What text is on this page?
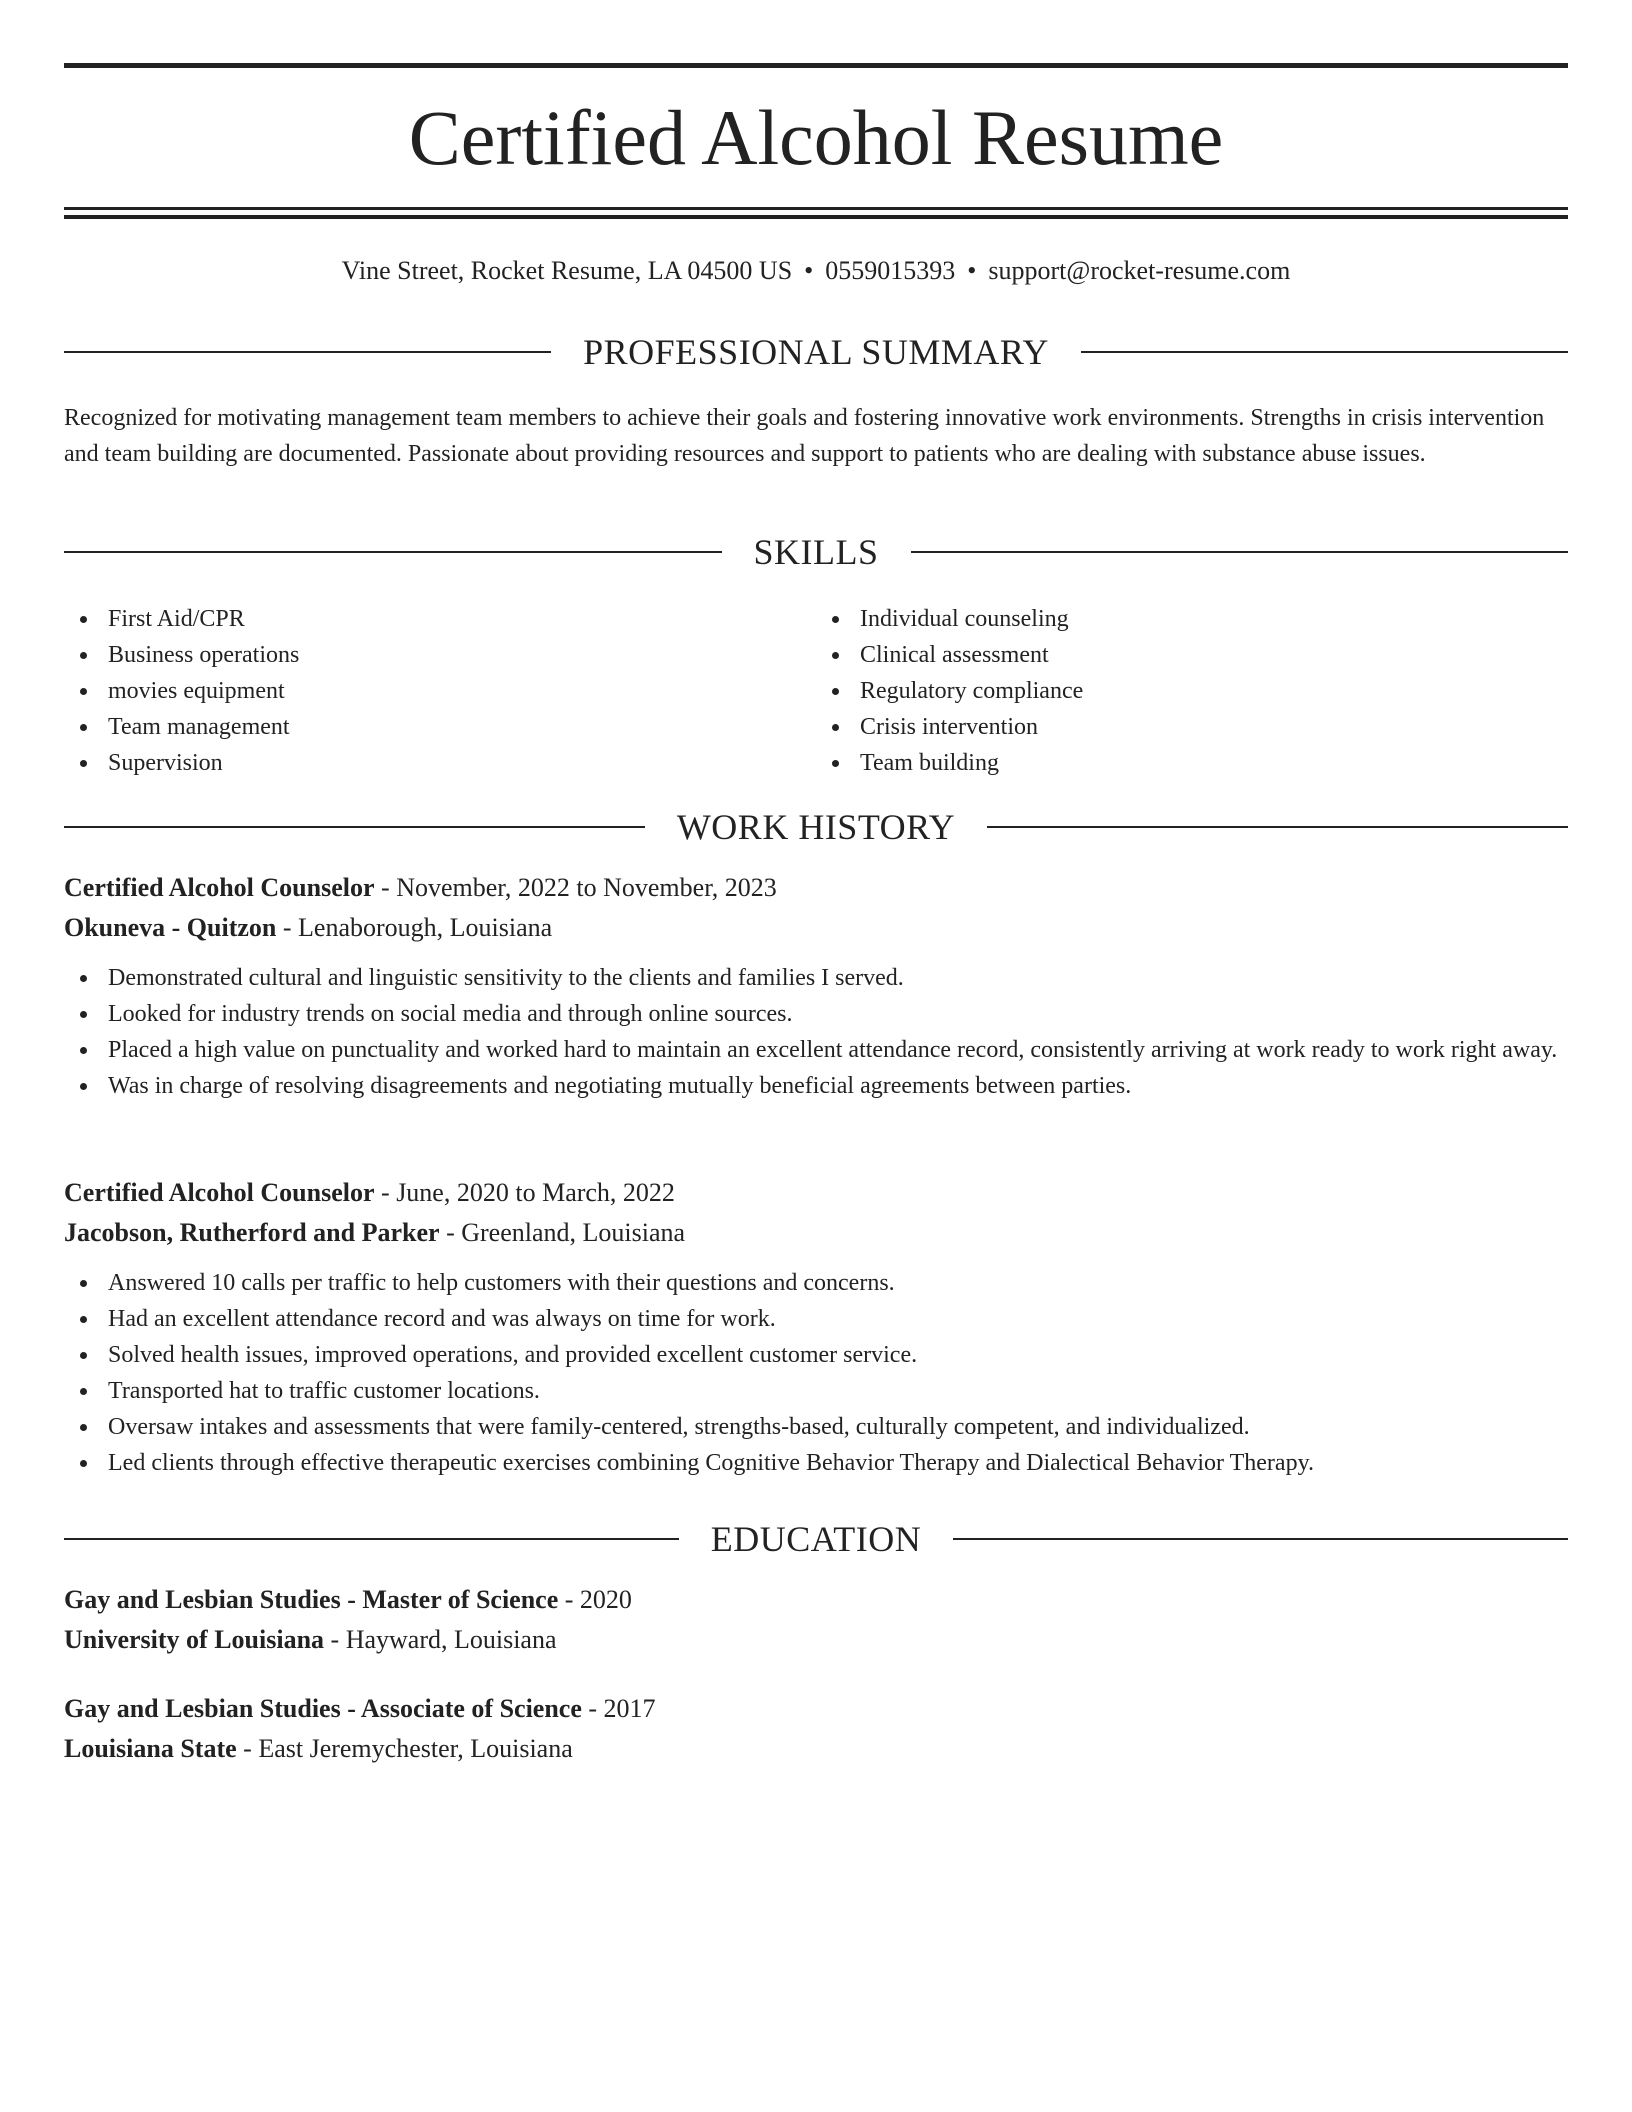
Certified Alcohol Resume
Vine Street, Rocket Resume, LA 04500 US • 0559015393 • support@rocket-resume.com
PROFESSIONAL SUMMARY

Recognized for motivating management team members to achieve their goals and fostering innovative work environments. Strengths in crisis intervention and team building are documented. Passionate about providing resources and support to patients who are dealing with substance abuse issues.

SKILLS
First Aid/CPR
Business operations
movies equipment
Team management
Supervision
Individual counseling
Clinical assessment
Regulatory compliance
Crisis intervention
Team building
WORK HISTORY
Certified Alcohol Counselor - November, 2022 to November, 2023
Okuneva - Quitzon - Lenaborough, Louisiana
Demonstrated cultural and linguistic sensitivity to the clients and families I served.
Looked for industry trends on social media and through online sources.
Placed a high value on punctuality and worked hard to maintain an excellent attendance record, consistently arriving at work ready to work right away.
Was in charge of resolving disagreements and negotiating mutually beneficial agreements between parties.
Certified Alcohol Counselor - June, 2020 to March, 2022
Jacobson, Rutherford and Parker - Greenland, Louisiana
Answered 10 calls per traffic to help customers with their questions and concerns.
Had an excellent attendance record and was always on time for work.
Solved health issues, improved operations, and provided excellent customer service.
Transported hat to traffic customer locations.
Oversaw intakes and assessments that were family-centered, strengths-based, culturally competent, and individualized.
Led clients through effective therapeutic exercises combining Cognitive Behavior Therapy and Dialectical Behavior Therapy.
EDUCATION
Gay and Lesbian Studies - Master of Science - 2020
University of Louisiana - Hayward, Louisiana
Gay and Lesbian Studies - Associate of Science - 2017
Louisiana State - East Jeremychester, Louisiana
